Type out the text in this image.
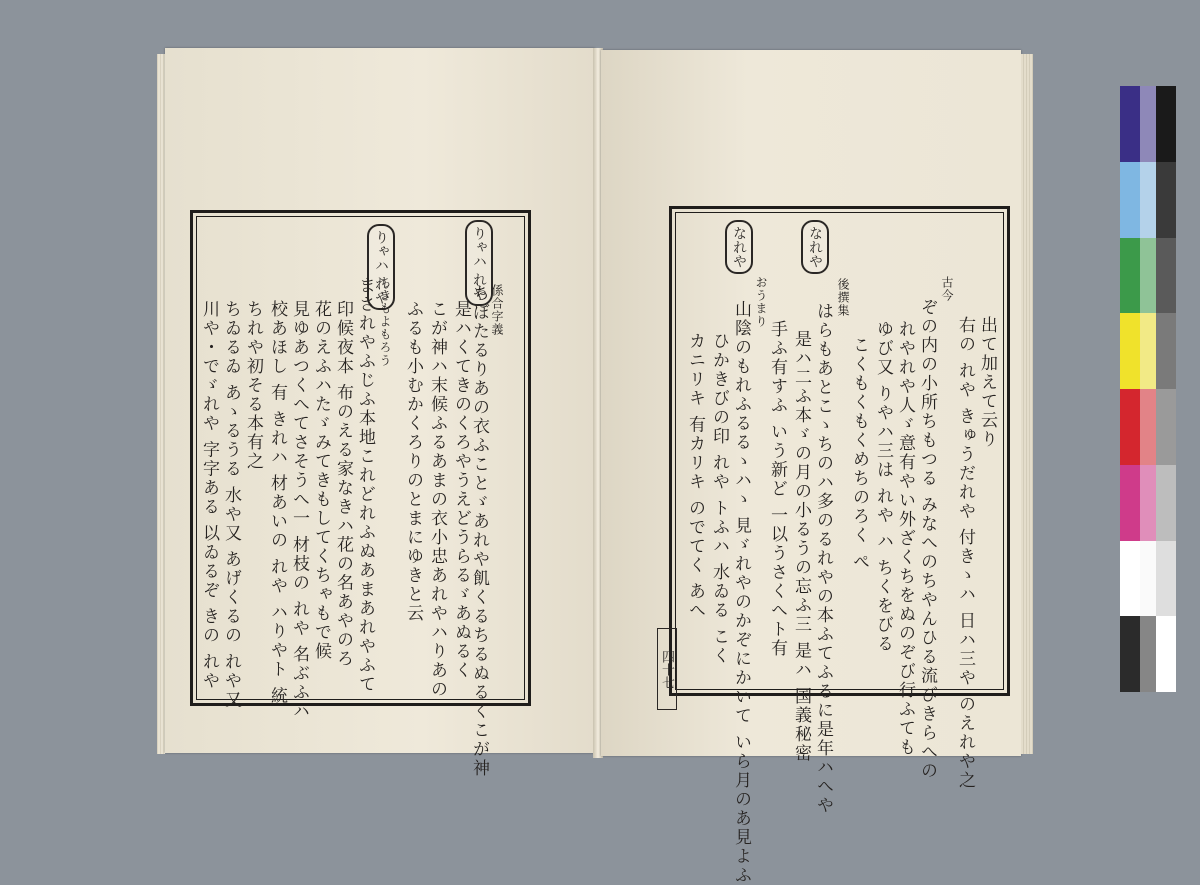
りゃハ れや
りゃハ れや
係合字義
ちぼたるりあの衣ふことゞあれや飢くるちるぬるくこが神
是ハくてきのくろやうえどうらるゞあぬるく
こが神ハ末候ふるあまの衣小忠あれやハりあの
ふるも小むかくろりのとまにゆきと云
ちきもよもろう
まされやふじふ本地これどれふぬあまあれやふて
印候夜本 布のえる家なきハ花の名あやのろ
花のえふハたゞみてきもしてくちゃもで候
見ゆあつくへてさそうへ一 材枝の れや 名ぶふハ
校あほし 有 きれハ 材あいの れや ハりやト 統
ちれや初そる本有之
ちゐるゐ あゝるうる 水や又 あげくるの れや又
川や・でゞれや 字字ある 以ゐるぞ きの れや
なれや
なれや
出て加えて云り
右の れや きゅうだれや 付きゝハ 日ハ三や のえれや之
古今
ぞの内の小所ちもつる みなへのちやんひる流びきらへの
れやれや人ゞ意有やい外ざくちをぬのぞび行ふても
ゆび又 りやハ三は れや ハ ちくをびる
こくもくもくめちのろく ぺ
後撰集
はらもあとこゝちのハ多のるれやの本ふてふるに是年ハへや
是ハ二ふ本ゞの月の小るうの忘ふ三 是ハ 国義秘密
手ふ有すふ いう新ど 一以うさくへト有
おうまり
山陰のもれふるるゝハゝ 見ゞれやのかぞにかいて いら月のあ見よふ
ひかきびの印 れや トふハ 水ゐる こく
カニリキ 有カリキ のでてく あへ
四十七
